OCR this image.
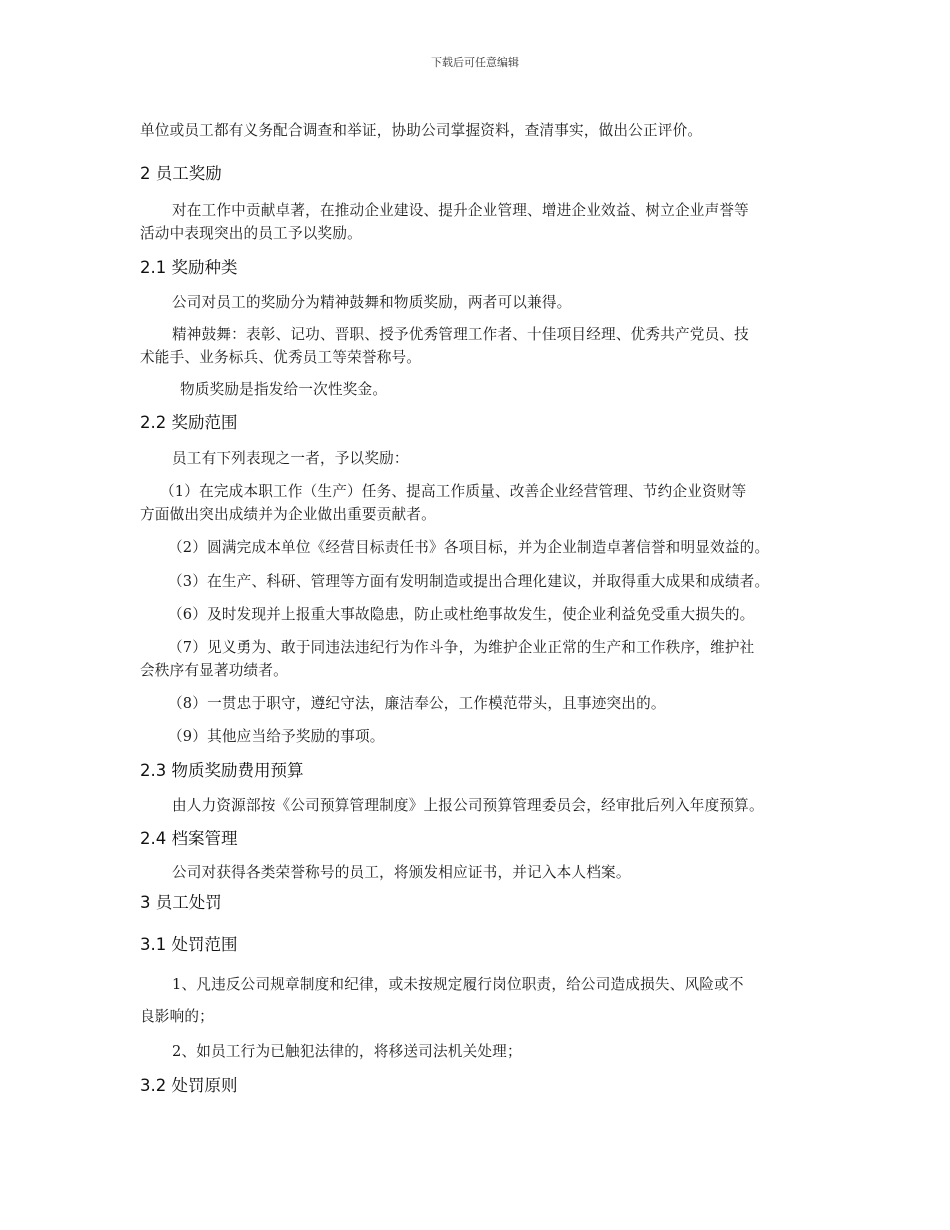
下载后可任意编辑
单位或员工都有义务配合调查和举证，协助公司掌握资料，查清事实，做出公正评价。
2 员工奖励
对在工作中贡献卓著，在推动企业建设、提升企业管理、增进企业效益、树立企业声誉等
活动中表现突出的员工予以奖励。
2.1 奖励种类
公司对员工的奖励分为精神鼓舞和物质奖励，两者可以兼得。
精神鼓舞：表彰、记功、晋职、授予优秀管理工作者、十佳项目经理、优秀共产党员、技
术能手、业务标兵、优秀员工等荣誉称号。
物质奖励是指发给一次性奖金。
2.2 奖励范围
员工有下列表现之一者，予以奖励：
（1）在完成本职工作（生产）任务、提高工作质量、改善企业经营管理、节约企业资财等
方面做出突出成绩并为企业做出重要贡献者。
（2）圆满完成本单位《经营目标责任书》各项目标，并为企业制造卓著信誉和明显效益的。
（3）在生产、科研、管理等方面有发明制造或提出合理化建议，并取得重大成果和成绩者。
（6）及时发现并上报重大事故隐患，防止或杜绝事故发生，使企业利益免受重大损失的。
（7）见义勇为、敢于同违法违纪行为作斗争，为维护企业正常的生产和工作秩序，维护社
会秩序有显著功绩者。
（8）一贯忠于职守，遵纪守法，廉洁奉公，工作模范带头，且事迹突出的。
（9）其他应当给予奖励的事项。
2.3 物质奖励费用预算
由人力资源部按《公司预算管理制度》上报公司预算管理委员会，经审批后列入年度预算。
2.4 档案管理
公司对获得各类荣誉称号的员工，将颁发相应证书，并记入本人档案。
3 员工处罚
3.1 处罚范围
1、凡违反公司规章制度和纪律，或未按规定履行岗位职责，给公司造成损失、风险或不
良影响的；
2、如员工行为已触犯法律的，将移送司法机关处理；
3.2 处罚原则
